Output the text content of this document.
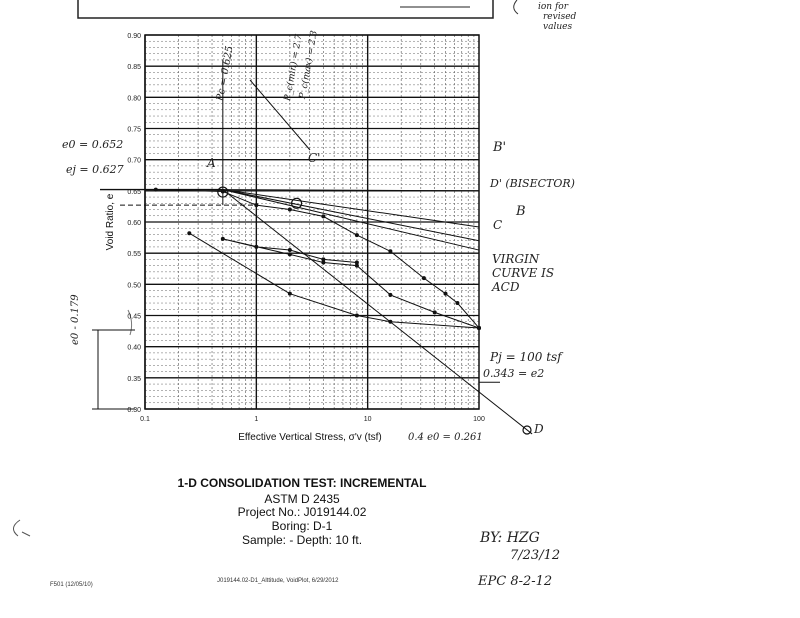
0.30
0.35
0.40
0.45
0.50
0.55
0.60
0.65
0.70
0.75
0.80
0.85
0.90
0.1	1	10	100
Void Ratio, e
Effective Vertical Stress, σ'v (tsf)
ion for
revised
values
e0 = 0.652
ej = 0.627	A	C'
Pc = 0.625	P_c(min) = 2.7
P_c(max) = 2.3
B'
D' (BISECTOR)
B
C
D
VIRGIN CURVE IS ACD
Pj = 100 tsf
0.343 = e2
0.4 e0 = 0.261
e0 - 0.179
1-D CONSOLIDATION TEST: INCREMENTAL
ASTM D 2435
Project No.: J019144.02
Boring: D-1
Sample: - Depth: 10 ft.	BY: HZG
7/23/12
EPC 8-2-12
F501 (12/05/10)
J019144.02-D1_Alttitude, VoidPlot, 6/29/2012
